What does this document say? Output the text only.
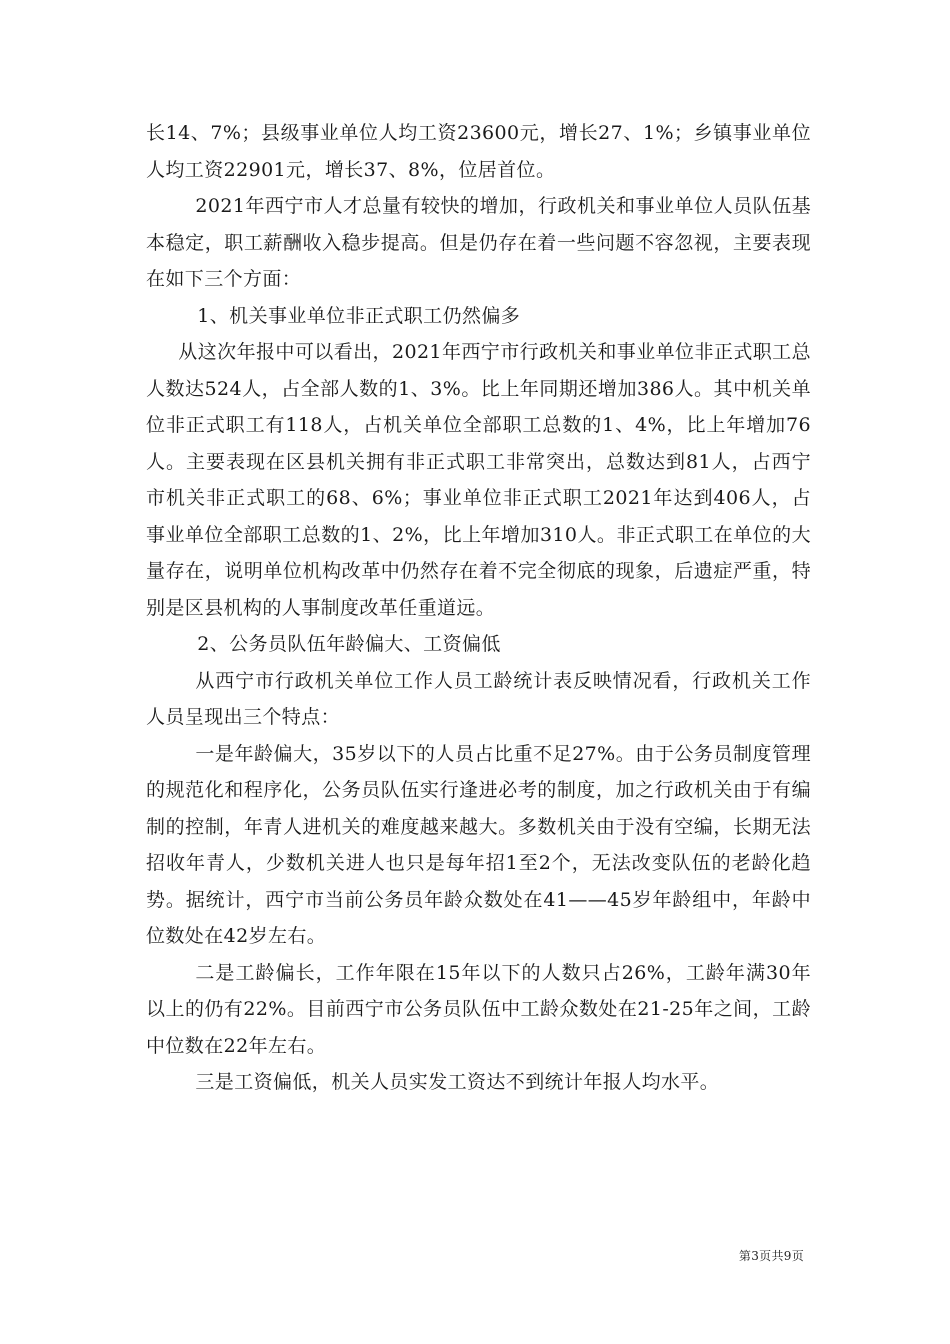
长14、7%；县级事业单位人均工资23600元，增长27、1%；乡镇事业单位人均工资22901元，增长37、8%，位居首位。

2021年西宁市人才总量有较快的增加，行政机关和事业单位人员队伍基本稳定，职工薪酬收入稳步提高。但是仍存在着一些问题不容忽视，主要表现在如下三个方面：

1、机关事业单位非正式职工仍然偏多

从这次年报中可以看出，2021年西宁市行政机关和事业单位非正式职工总人数达524人，占全部人数的1、3%。比上年同期还增加386人。其中机关单位非正式职工有118人，占机关单位全部职工总数的1、4%，比上年增加76人。主要表现在区县机关拥有非正式职工非常突出，总数达到81人，占西宁市机关非正式职工的68、6%；事业单位非正式职工2021年达到406人，占事业单位全部职工总数的1、2%，比上年增加310人。非正式职工在单位的大量存在，说明单位机构改革中仍然存在着不完全彻底的现象，后遗症严重，特别是区县机构的人事制度改革任重道远。

2、公务员队伍年龄偏大、工资偏低

从西宁市行政机关单位工作人员工龄统计表反映情况看，行政机关工作人员呈现出三个特点：

一是年龄偏大，35岁以下的人员占比重不足27%。由于公务员制度管理的规范化和程序化，公务员队伍实行逢进必考的制度，加之行政机关由于有编制的控制，年青人进机关的难度越来越大。多数机关由于没有空编，长期无法招收年青人，少数机关进人也只是每年招1至2个，无法改变队伍的老龄化趋势。据统计，西宁市当前公务员年龄众数处在41——45岁年龄组中，年龄中位数处在42岁左右。

二是工龄偏长，工作年限在15年以下的人数只占26%，工龄年满30年以上的仍有22%。目前西宁市公务员队伍中工龄众数处在21-25年之间，工龄中位数在22年左右。

三是工资偏低，机关人员实发工资达不到统计年报人均水平。

第3页共9页
